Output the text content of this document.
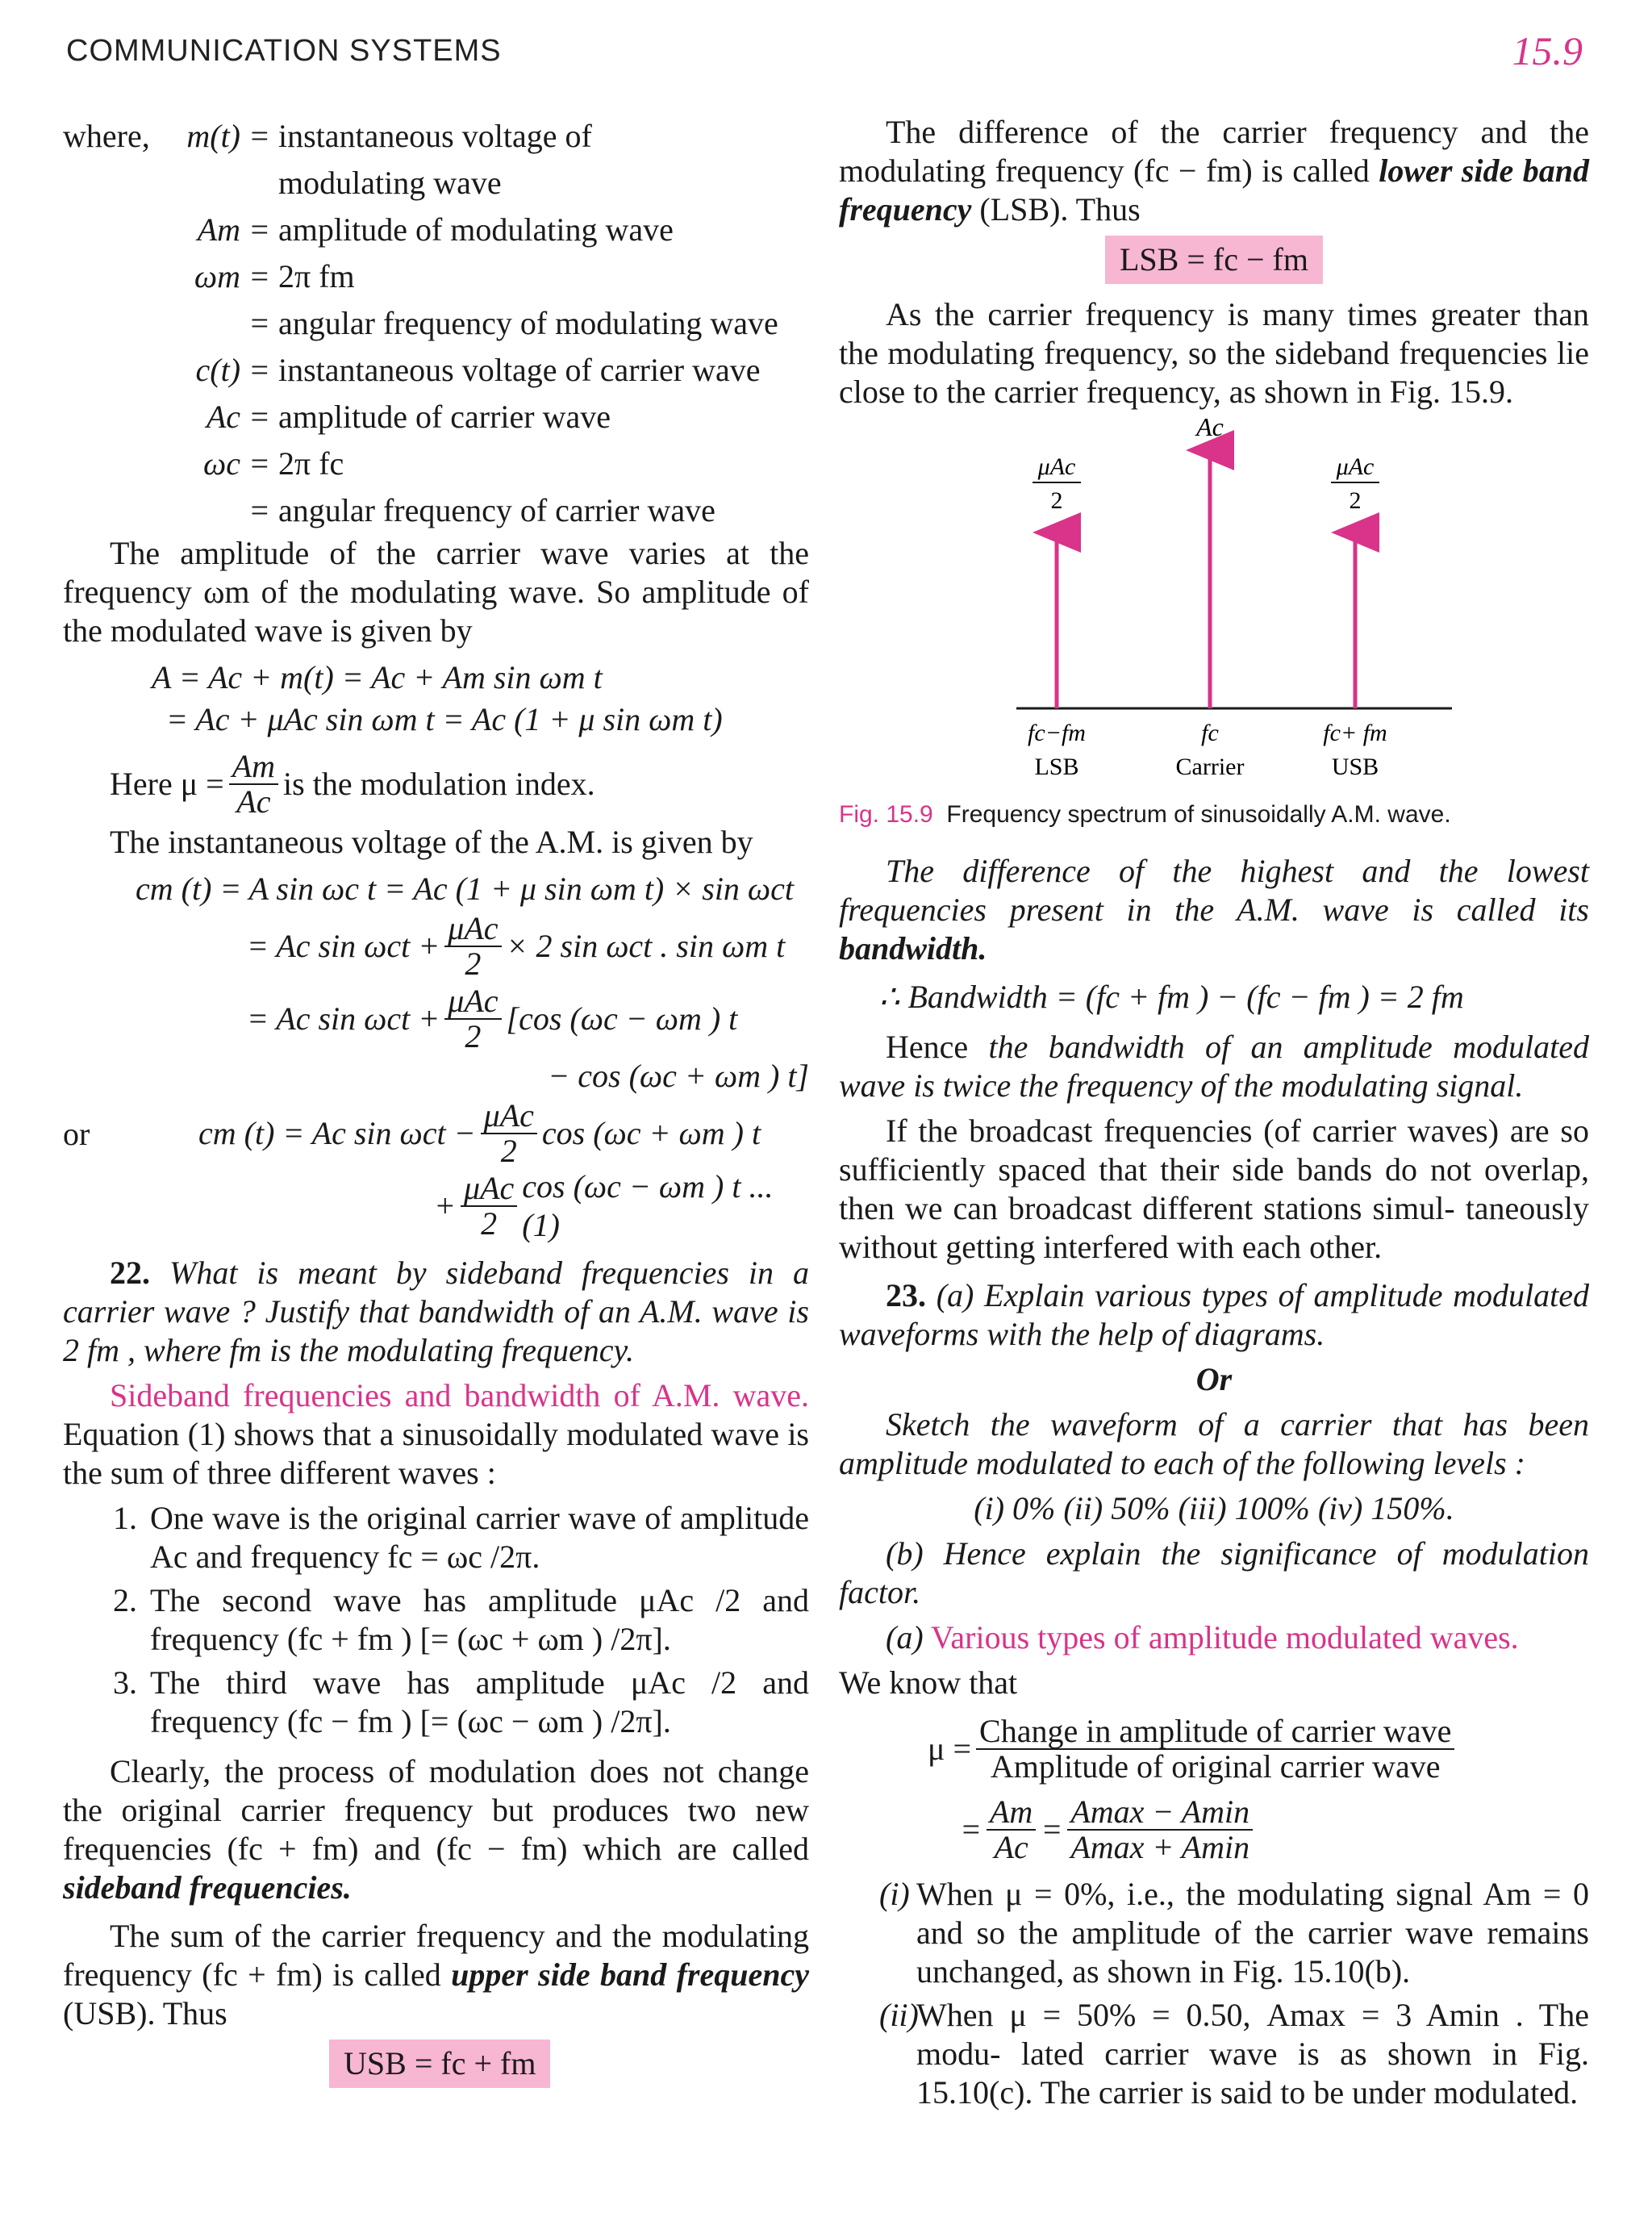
COMMUNICATION SYSTEMS	15.9
where,	m(t) = instantaneous voltage of
modulating wave
Am = amplitude of modulating wave
ωm = 2π fm
= angular frequency of modulating wave
c(t) = instantaneous voltage of carrier wave
Ac = amplitude of carrier wave
ωc = 2π fc
= angular frequency of carrier wave

The amplitude of the carrier wave varies at the frequency ωm of the modulating wave. So amplitude of the modulated wave is given by

A = Ac + m(t) = Ac + Am sin ωm t
= Ac + μAc sin ωm t = Ac (1 + μ sin ωm t)
Here $\mu = \frac{Am}{Ac}$ is the modulation index.

The instantaneous voltage of the A.M. is given by

cm (t) = A sin ωc t = Ac (1 + μ sin ωm t) × sin ωct
= Ac $\sin \omega ct + \frac{\text{μAc}}{2} \times 2$ sin ωct . sin ωm t
= Ac $\sin \omega ct + \frac{\text{μAc}}{2} [\cos$ (ωc − ωm ) t
− cos (ωc + ωm ) t]
or	cm (t) = Ac $\sin \omega ct - \frac{\text{μAc}}{2}$ cos (ωc + ωm ) t
+ $\frac{\text{μAc}}{2}$ cos (ωc − ωm ) t ...(1)

22. What is meant by sideband frequencies in a carrier wave ? Justify that bandwidth of an A.M. wave is 2 fm , where fm is the modulating frequency.

Sideband frequencies and bandwidth of A.M. wave. Equation (1) shows that a sinusoidally modulated wave is the sum of three different waves :

1. One wave is the original carrier wave of amplitude Ac and frequency fc = ωc /2π.
2. The second wave has amplitude μAc /2 and frequency (fc + fm ) [= (ωc + ωm ) /2π].
3. The third wave has amplitude μAc /2 and frequency (fc − fm ) [= (ωc − ωm ) /2π].

Clearly, the process of modulation does not change the original carrier frequency but produces two new frequencies (fc + fm) and (fc − fm) which are called sideband frequencies.

The sum of the carrier frequency and the modulating frequency (fc + fm) is called upper side band frequency (USB). Thus

USB = fc + fm

The difference of the carrier frequency and the modulating frequency (fc − fm) is called lower side band frequency (LSB). Thus

LSB = fc − fm

As the carrier frequency is many times greater than the modulating frequency, so the sideband frequencies lie close to the carrier frequency, as shown in Fig. 15.9.

Ac
μAc
2
μAc
2
fc−fm	fc	fc+ fm
LSB	Carrier	USB
Fig. 15.9 Frequency spectrum of sinusoidally A.M. wave.

The difference of the highest and the lowest frequencies present in the A.M. wave is called its bandwidth.

∴ Bandwidth = (fc + fm ) − (fc − fm ) = 2 fm

Hence the bandwidth of an amplitude modulated wave is twice the frequency of the modulating signal.

If the broadcast frequencies (of carrier waves) are so sufficiently spaced that their side bands do not overlap, then we can broadcast different stations simul- taneously without getting interfered with each other.

23. (a) Explain various types of amplitude modulated waveforms with the help of diagrams.

Or

Sketch the waveform of a carrier that has been amplitude modulated to each of the following levels :

(i) 0% (ii) 50% (iii) 100% (iv) 150%.

(b) Hence explain the significance of modulation factor.

(a) Various types of amplitude modulated waves.

We know that

$\mu = \frac{\text{Change in amplitude of carrier wave}}{\text{Amplitude of original carrier wave}}$
= $\frac{Am}{Ac} = \frac{Amax - Amin}{Amax + Amin}$
(i) When μ = 0%, i.e., the modulating signal Am = 0 and so the amplitude of the carrier wave remains unchanged, as shown in Fig. 15.10(b).
(ii)
When μ = 50% = 0.50, Amax = 3 Amin . The modu- lated carrier wave is as shown in Fig. 15.10(c). The carrier is said to be under modulated.
